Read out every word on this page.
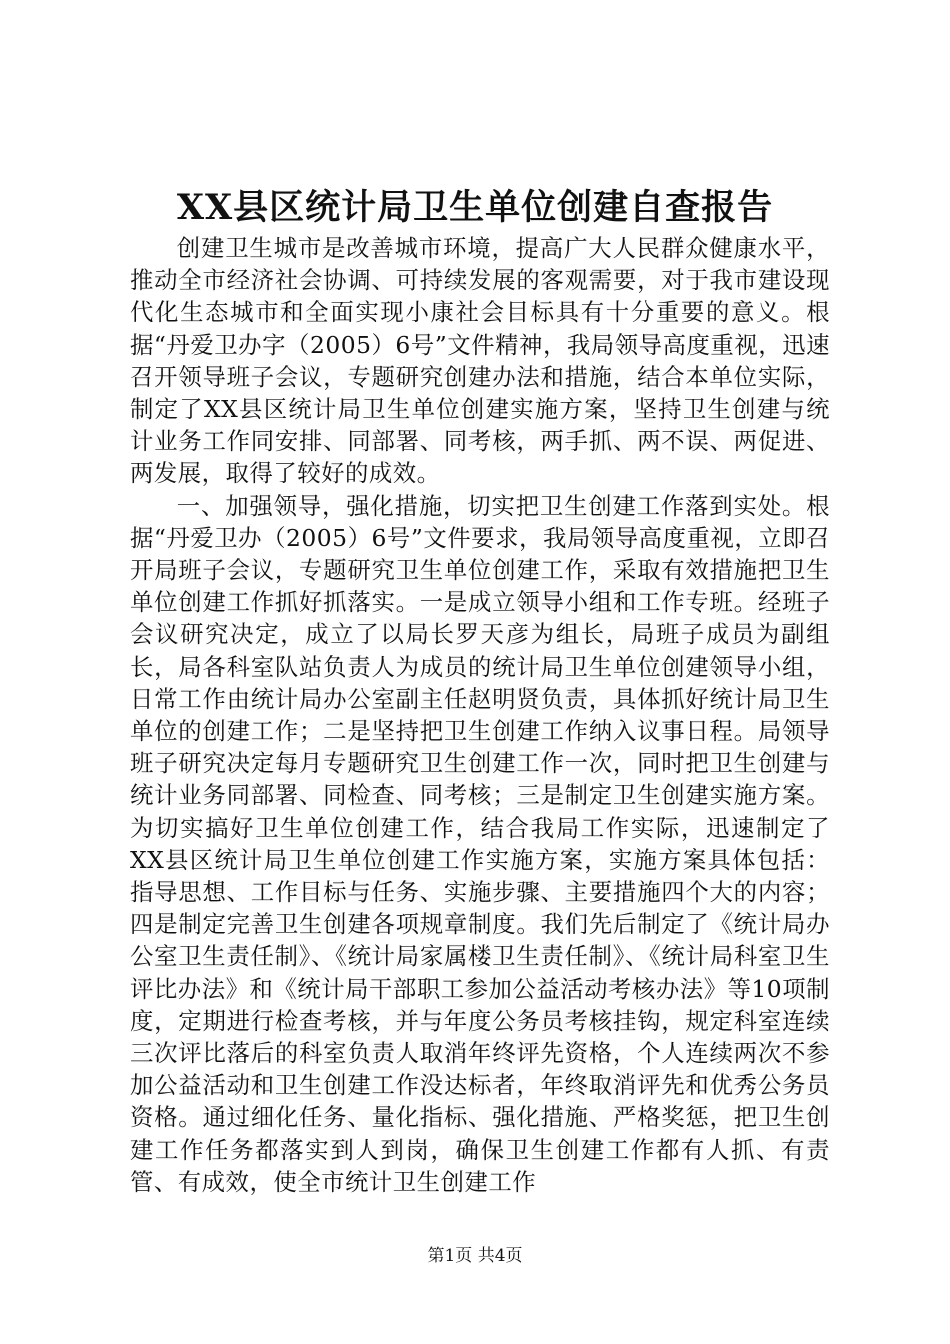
XX县区统计局卫生单位创建自查报告

创建卫生城市是改善城市环境，提高广大人民群众健康水平，推动全市经济社会协调、可持续发展的客观需要，对于我市建设现代化生态城市和全面实现小康社会目标具有十分重要的意义。根据“丹爱卫办字（2005）6号”文件精神，我局领导高度重视，迅速召开领导班子会议，专题研究创建办法和措施，结合本单位实际，制定了XX县区统计局卫生单位创建实施方案，坚持卫生创建与统计业务工作同安排、同部署、同考核，两手抓、两不误、两促进、两发展，取得了较好的成效。

一、加强领导，强化措施，切实把卫生创建工作落到实处。根据“丹爱卫办（2005）6号”文件要求，我局领导高度重视，立即召开局班子会议，专题研究卫生单位创建工作，采取有效措施把卫生单位创建工作抓好抓落实。一是成立领导小组和工作专班。经班子会议研究决定，成立了以局长罗天彦为组长，局班子成员为副组长，局各科室队站负责人为成员的统计局卫生单位创建领导小组，日常工作由统计局办公室副主任赵明贤负责，具体抓好统计局卫生单位的创建工作；二是坚持把卫生创建工作纳入议事日程。局领导班子研究决定每月专题研究卫生创建工作一次，同时把卫生创建与统计业务同部署、同检查、同考核；三是制定卫生创建实施方案。为切实搞好卫生单位创建工作，结合我局工作实际，迅速制定了XX县区统计局卫生单位创建工作实施方案，实施方案具体包括：指导思想、工作目标与任务、实施步骤、主要措施四个大的内容；四是制定完善卫生创建各项规章制度。我们先后制定了《统计局办公室卫生责任制》、《统计局家属楼卫生责任制》、《统计局科室卫生评比办法》和《统计局干部职工参加公益活动考核办法》等10项制度，定期进行检查考核，并与年度公务员考核挂钩，规定科室连续三次评比落后的科室负责人取消年终评先资格，个人连续两次不参加公益活动和卫生创建工作没达标者，年终取消评先和优秀公务员资格。通过细化任务、量化指标、强化措施、严格奖惩，把卫生创建工作任务都落实到人到岗，确保卫生创建工作都有人抓、有责管、有成效，使全市统计卫生创建工作

第1页 共4页
